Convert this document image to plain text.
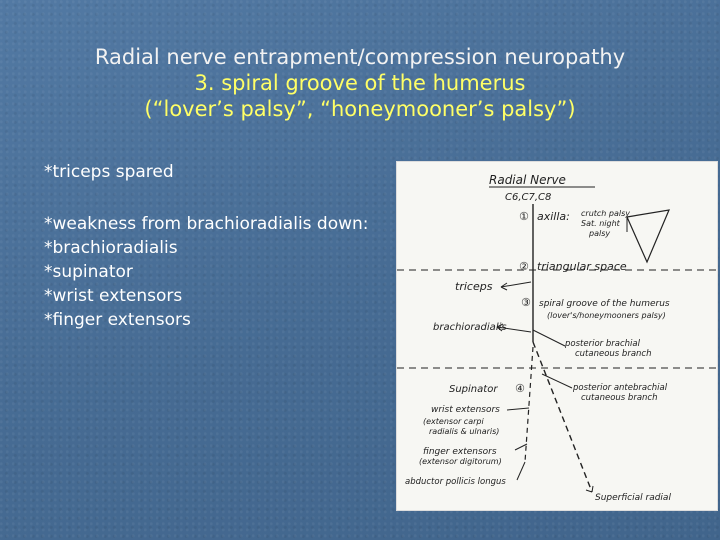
Radial nerve entrapment/compression neuropathy
3. spiral groove of the humerus
(“lover’s palsy”, “honeymooner’s palsy”)
*triceps spared
*weakness from brachioradialis down:
*brachioradialis
*supinator
*wrist extensors
*finger extensors
Radial Nerve
C6,C7,C8
① axilla: crutch palsy
Sat. night
palsy
② triangular space
triceps
③ spiral groove of the humerus
(lover's/honeymooners palsy)
brachioradialis
posterior brachial
cutaneous branch
Supinator ④	posterior antebrachial
cutaneous branch
wrist extensors
(extensor carpi
radialis & ulnaris)
finger extensors
(extensor digitorum)
abductor pollicis longus
Superficial radial
